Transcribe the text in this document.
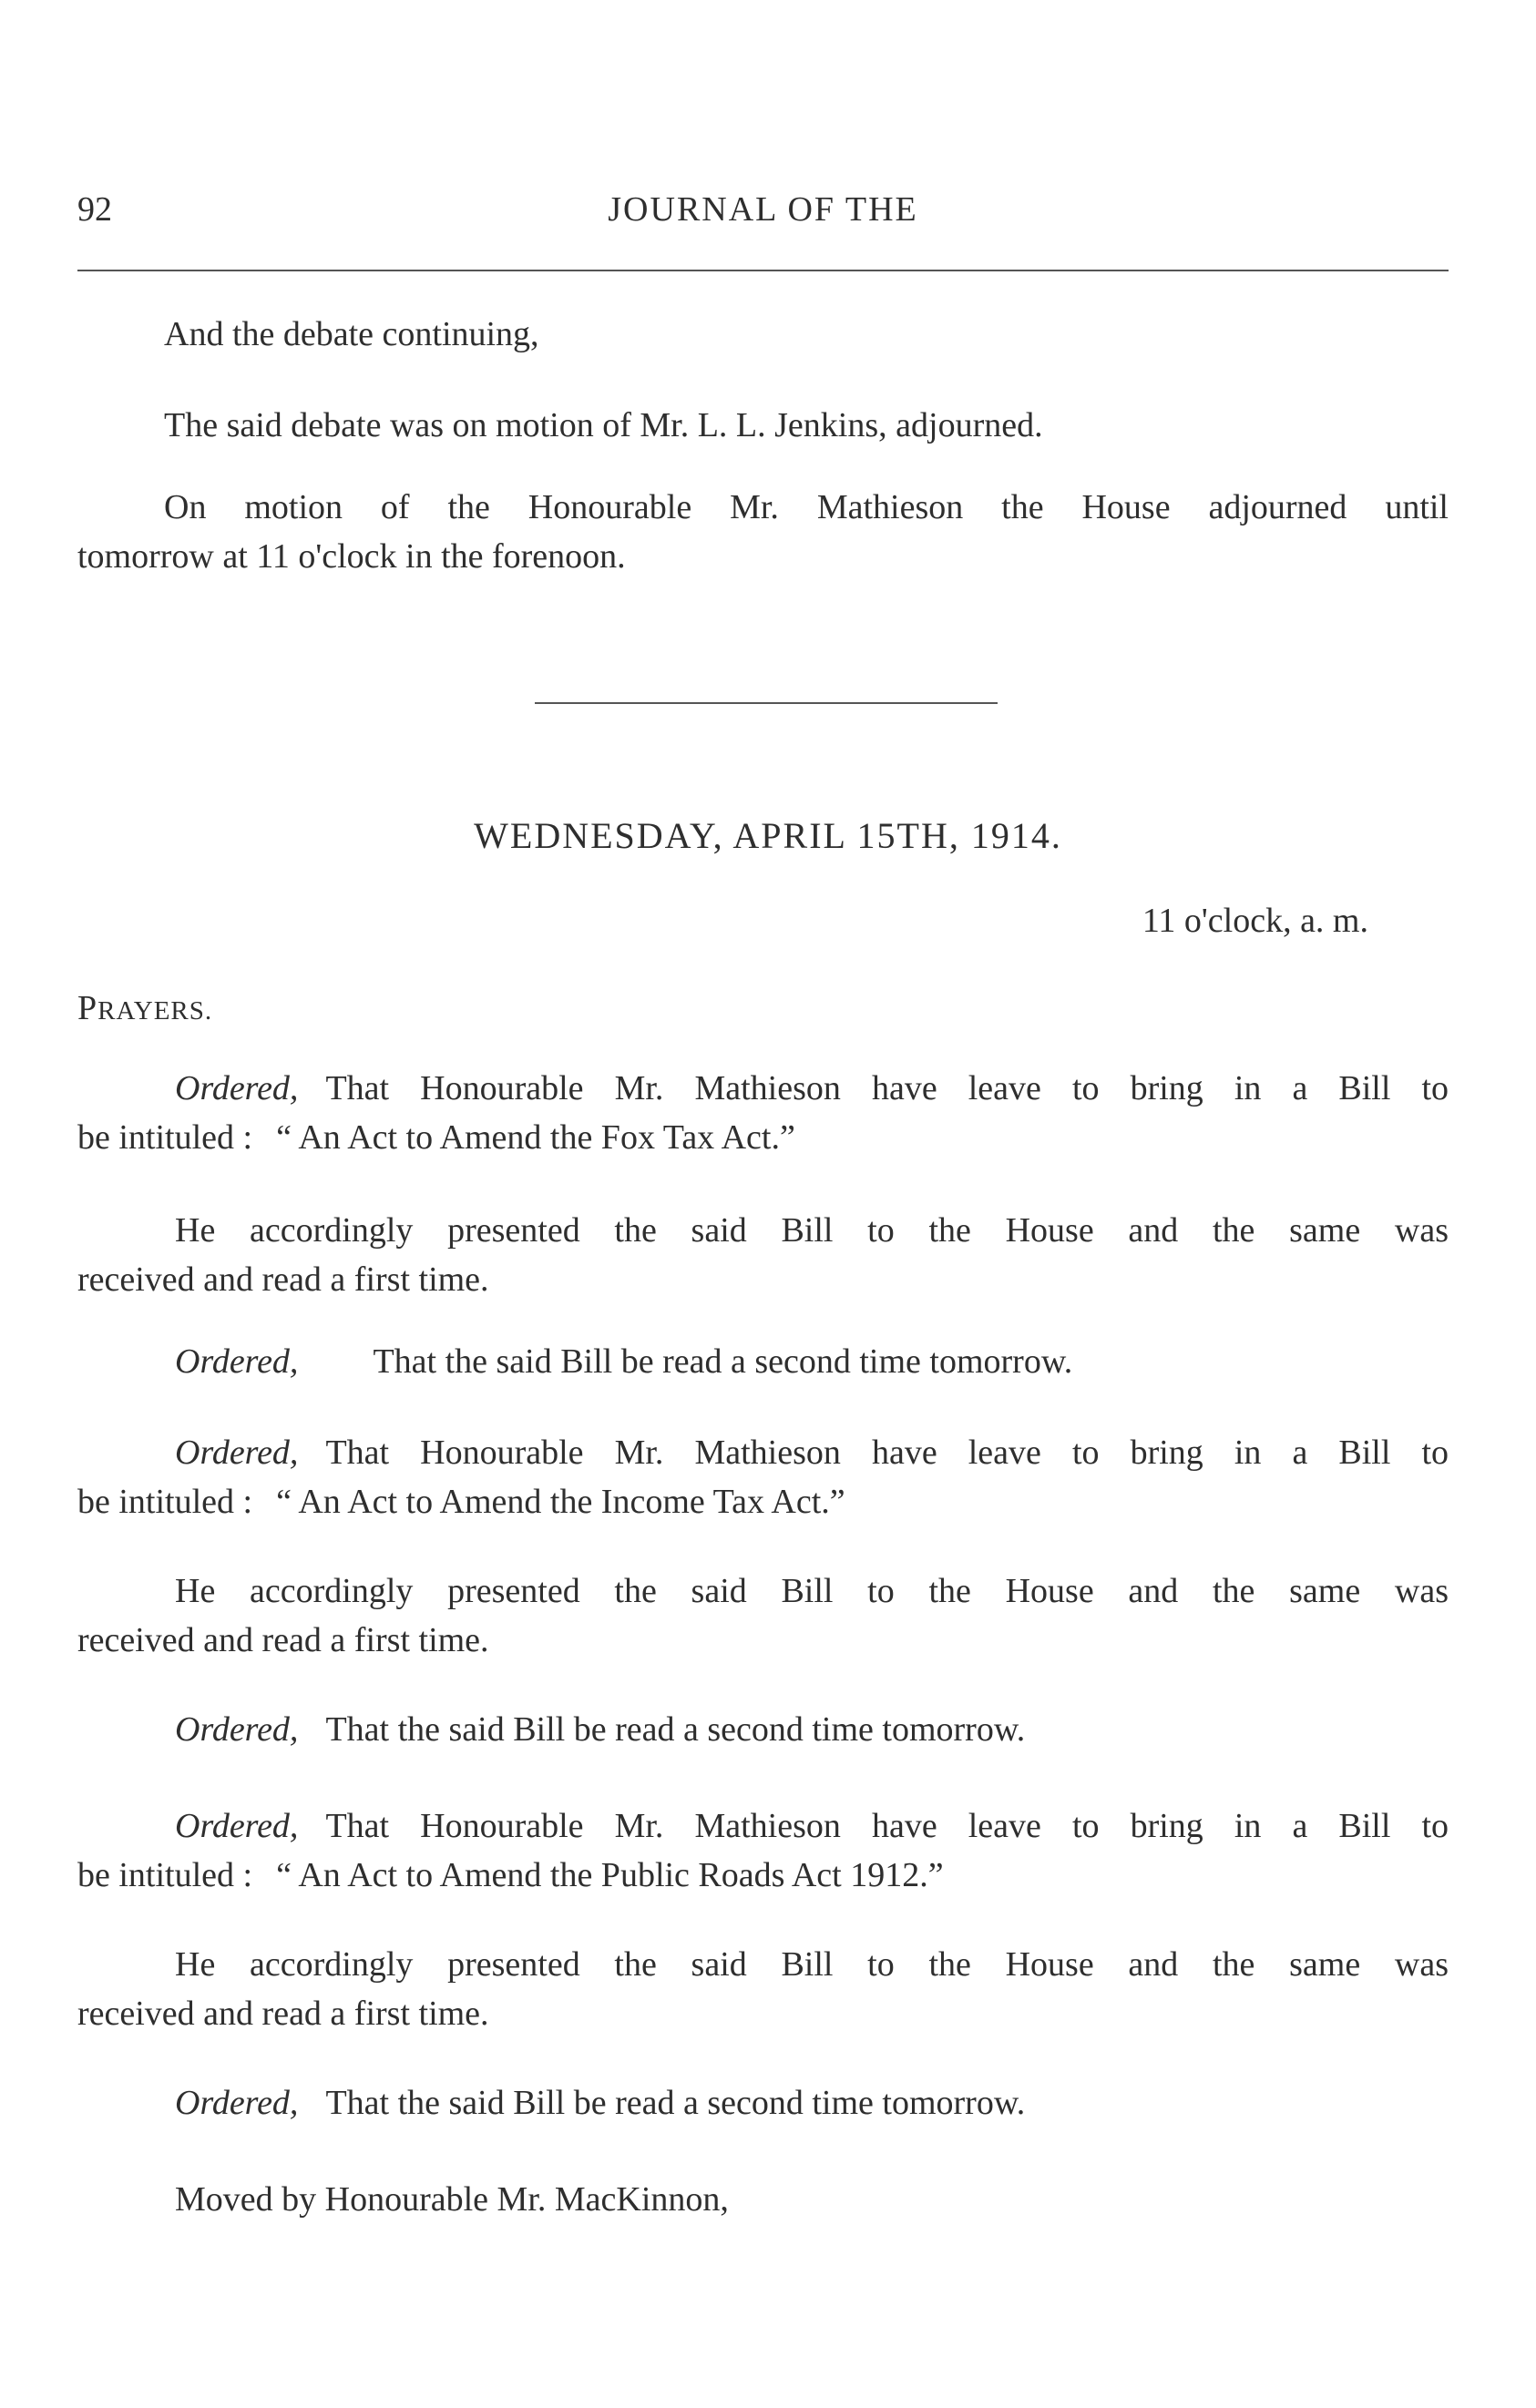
92	JOURNAL OF THE
And the debate continuing,
The said debate was on motion of Mr. L. L. Jenkins, adjourned.
On motion of the Honourable Mr. Mathieson the House adjourned until
tomorrow at 11 o'clock in the forenoon.
WEDNESDAY, APRIL 15TH, 1914.
11 o'clock, a. m.
PRAYERS.
Ordered, That Honourable Mr. Mathieson have leave to bring in a Bill to
be intituled : “ An Act to Amend the Fox Tax Act.”
He accordingly presented the said Bill to the House and the same was
received and read a first time.
Ordered, That the said Bill be read a second time tomorrow.
Ordered, That Honourable Mr. Mathieson have leave to bring in a Bill to
be intituled : “ An Act to Amend the Income Tax Act.”
He accordingly presented the said Bill to the House and the same was
received and read a first time.
Ordered, That the said Bill be read a second time tomorrow.
Ordered, That Honourable Mr. Mathieson have leave to bring in a Bill to
be intituled : “ An Act to Amend the Public Roads Act 1912.”
He accordingly presented the said Bill to the House and the same was
received and read a first time.
Ordered, That the said Bill be read a second time tomorrow.
Moved by Honourable Mr. MacKinnon,
